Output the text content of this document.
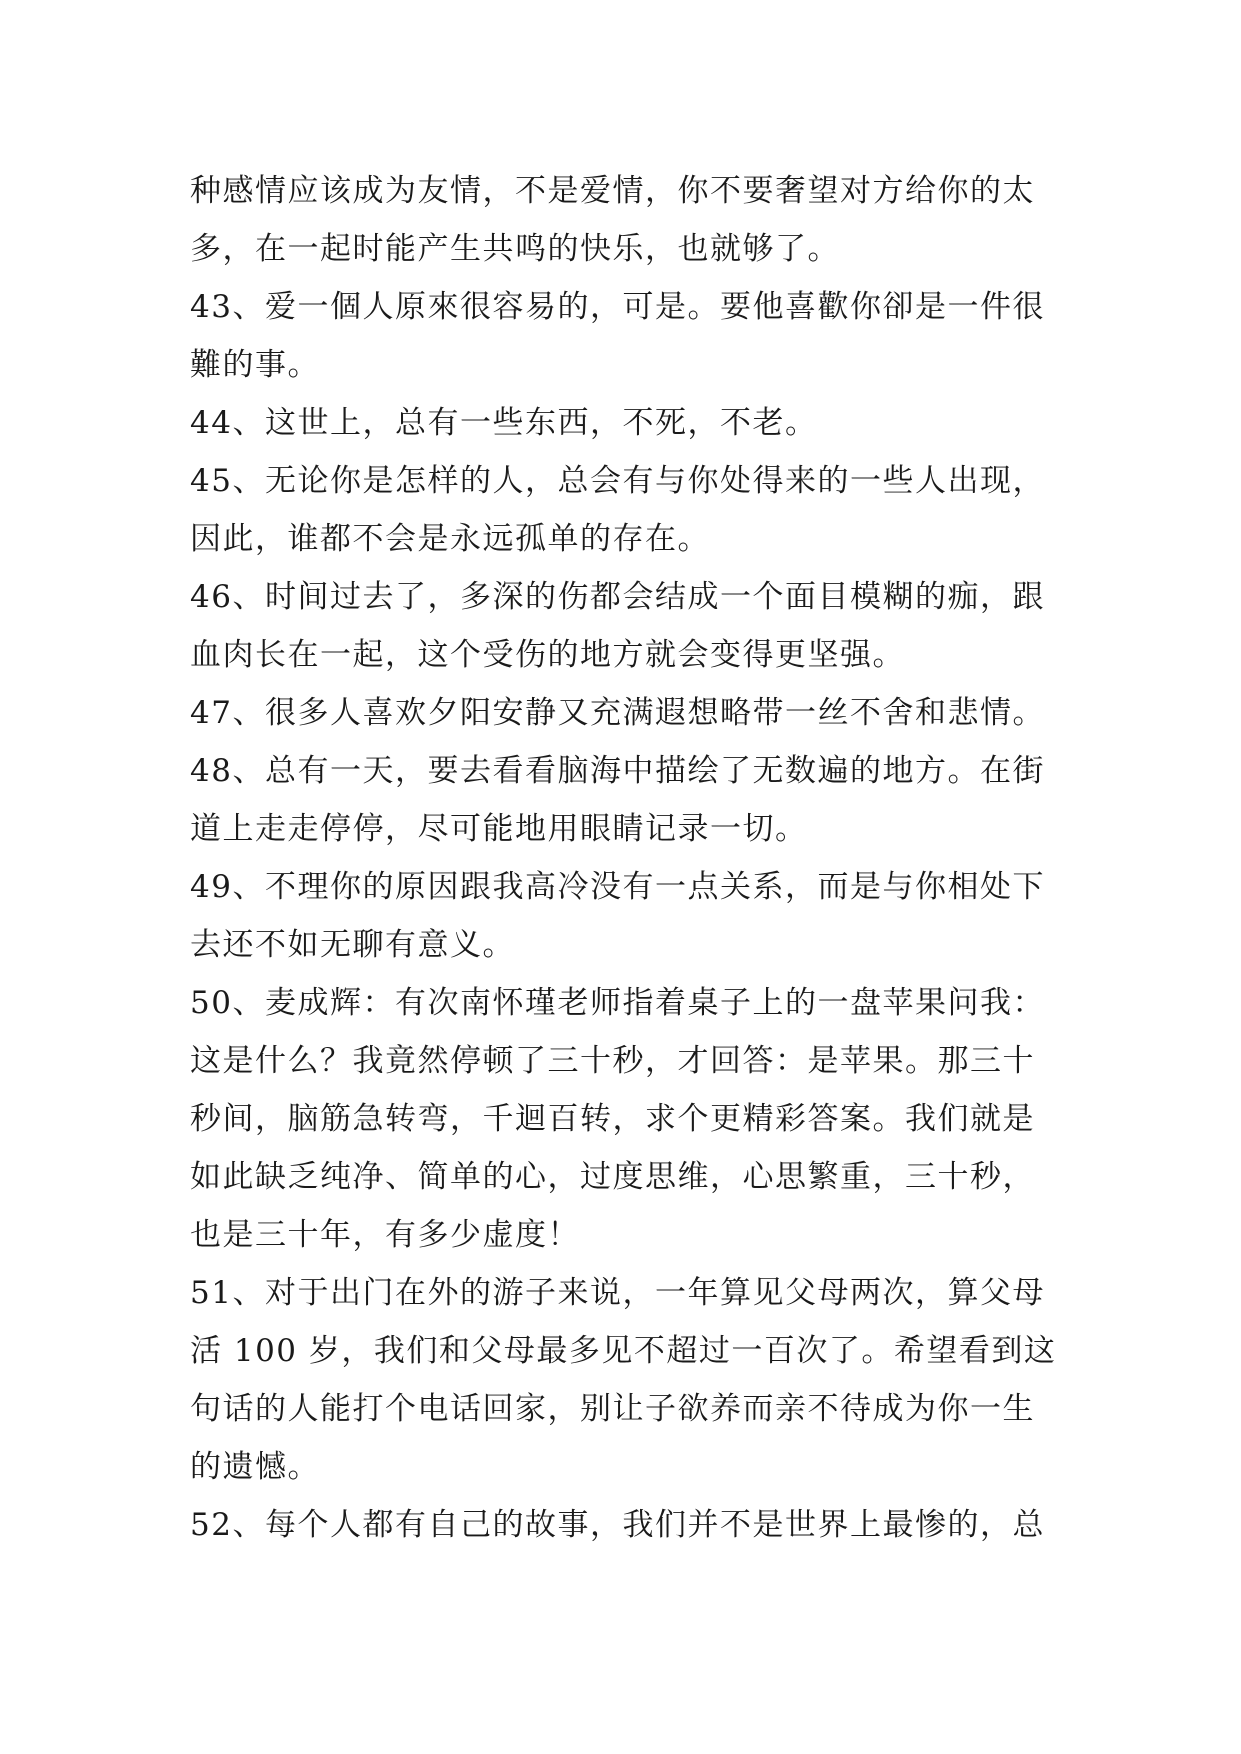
种感情应该成为友情，不是爱情，你不要奢望对方给你的太
多，在一起时能产生共鸣的快乐，也就够了。
43、爱一個人原來很容易的，可是。要他喜歡你卻是一件很
難的事。
44、这世上，总有一些东西，不死，不老。
45、无论你是怎样的人，总会有与你处得来的一些人出现，
因此，谁都不会是永远孤单的存在。
46、时间过去了，多深的伤都会结成一个面目模糊的痂，跟
血肉长在一起，这个受伤的地方就会变得更坚强。
47、很多人喜欢夕阳安静又充满遐想略带一丝不舍和悲情。
48、总有一天，要去看看脑海中描绘了无数遍的地方。在街
道上走走停停，尽可能地用眼睛记录一切。
49、不理你的原因跟我高冷没有一点关系，而是与你相处下
去还不如无聊有意义。
50、麦成辉：有次南怀瑾老师指着桌子上的一盘苹果问我：
这是什么？我竟然停顿了三十秒，才回答：是苹果。那三十
秒间，脑筋急转弯，千迴百转，求个更精彩答案。我们就是
如此缺乏纯净、简单的心，过度思维，心思繁重，三十秒，
也是三十年，有多少虚度！
51、对于出门在外的游子来说，一年算见父母两次，算父母
活 100 岁，我们和父母最多见不超过一百次了。希望看到这
句话的人能打个电话回家，别让子欲养而亲不待成为你一生
的遗憾。
52、每个人都有自己的故事，我们并不是世界上最惨的，总
